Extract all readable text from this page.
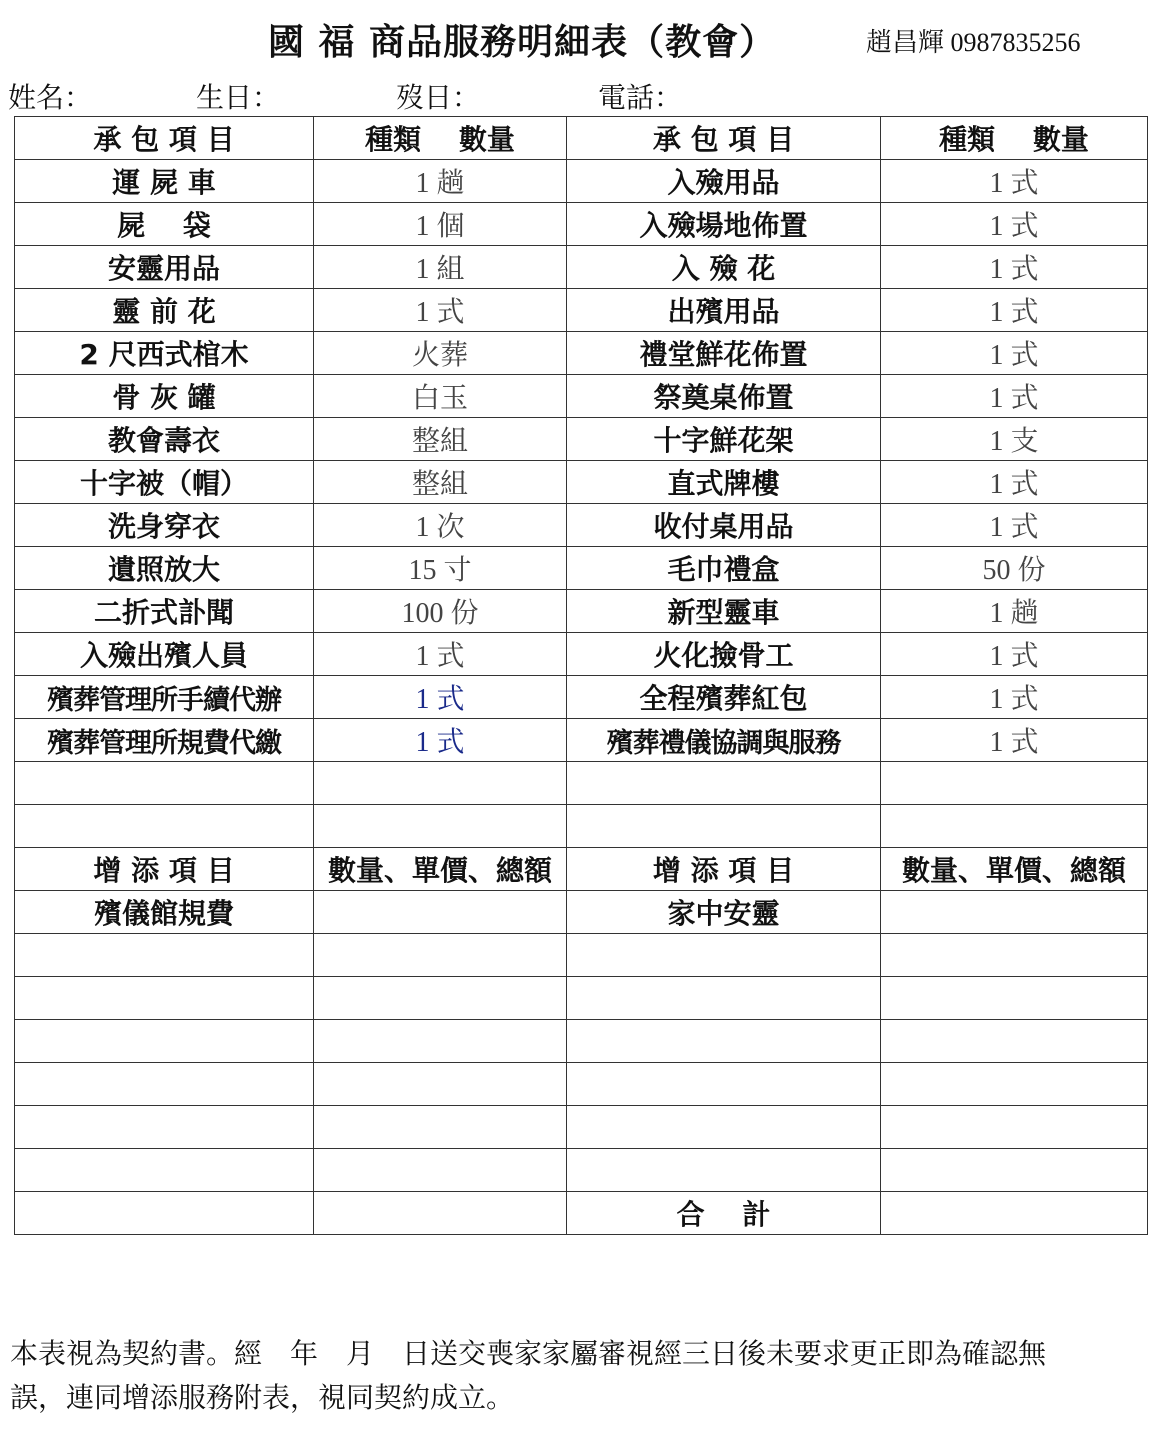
國 福 商品服務明細表（教會）	趙昌輝 0987835256
姓名：	生日：	歿日：	電話：
承 包 項 目	種類　 數量	承 包 項 目	種類　 數量
運 屍 車	1 趟	入殮用品	1 式
屍　 袋	1 個	入殮場地佈置	1 式
安靈用品	1 組	入 殮 花	1 式
靈 前 花	1 式	出殯用品	1 式
2 尺西式棺木	火葬	禮堂鮮花佈置	1 式
骨 灰 罐	白玉	祭奠桌佈置	1 式
教會壽衣	整組	十字鮮花架	1 支
十字被（帽）	整組	直式牌樓	1 式
洗身穿衣	1 次	收付桌用品	1 式
遺照放大	15 寸	毛巾禮盒	50 份
二折式訃聞	100 份	新型靈車	1 趟
入殮出殯人員	1 式	火化撿骨工	1 式
殯葬管理所手續代辦	1 式	全程殯葬紅包	1 式
殯葬管理所規費代繳	1 式	殯葬禮儀協調與服務	1 式

增 添 項 目	數量、單價、總額	增 添 項 目	數量、單價、總額
殯儀館規費		家中安靈	

		合　 計	
本表視為契約書。經　年　月　日送交喪家家屬審視經三日後未要求更正即為確認無
誤，連同增添服務附表，視同契約成立。
